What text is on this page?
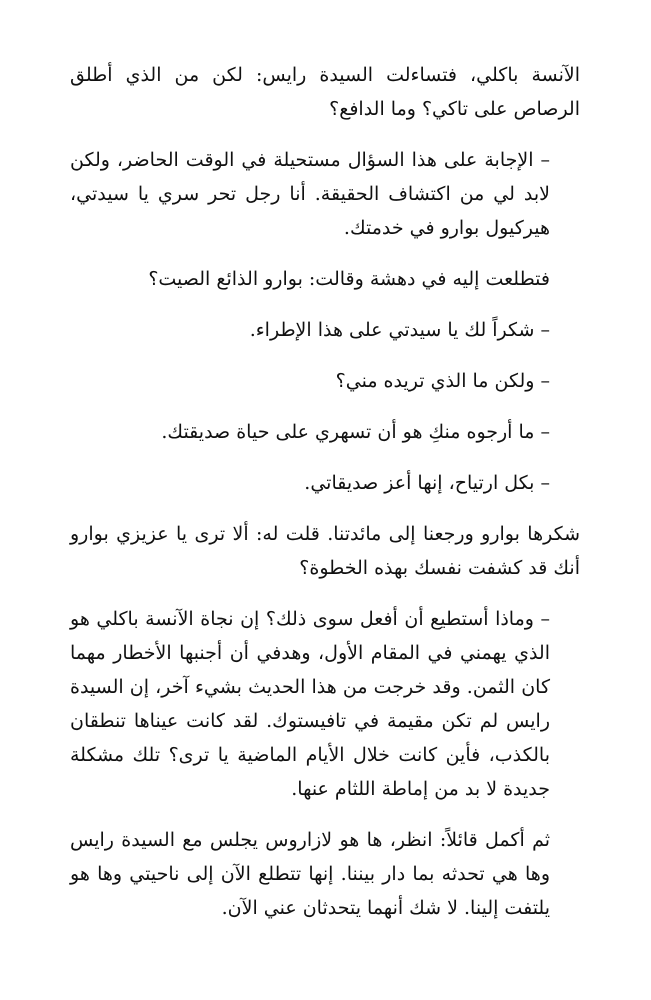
الآنسة باكلي، فتساءلت السيدة رايس: لكن من الذي أطلق الرصاص على تاكي؟ وما الدافع؟

– الإجابة على هذا السؤال مستحيلة في الوقت الحاضر، ولكن لابد لي من اكتشاف الحقيقة. أنا رجل تحر سري يا سيدتي، هيركيول بوارو في خدمتك.

فتطلعت إليه في دهشة وقالت: بوارو الذائع الصيت؟

– شكراً لك يا سيدتي على هذا الإطراء.

– ولكن ما الذي تريده مني؟

– ما أرجوه منكِ هو أن تسهري على حياة صديقتك.

– بكل ارتياح، إنها أعز صديقاتي.

شكرها بوارو ورجعنا إلى مائدتنا. قلت له: ألا ترى يا عزيزي بوارو أنك قد كشفت نفسك بهذه الخطوة؟

– وماذا أستطيع أن أفعل سوى ذلك؟ إن نجاة الآنسة باكلي هو الذي يهمني في المقام الأول، وهدفي أن أجنبها الأخطار مهما كان الثمن. وقد خرجت من هذا الحديث بشيء آخر، إن السيدة رايس لم تكن مقيمة في تافيستوك. لقد كانت عيناها تنطقان بالكذب، فأين كانت خلال الأيام الماضية يا ترى؟ تلك مشكلة جديدة لا بد من إماطة اللثام عنها.

ثم أكمل قائلاً: انظر، ها هو لازاروس يجلس مع السيدة رايس وها هي تحدثه بما دار بيننا. إنها تتطلع الآن إلى ناحيتي وها هو يلتفت إلينا. لا شك أنهما يتحدثان عني الآن.
